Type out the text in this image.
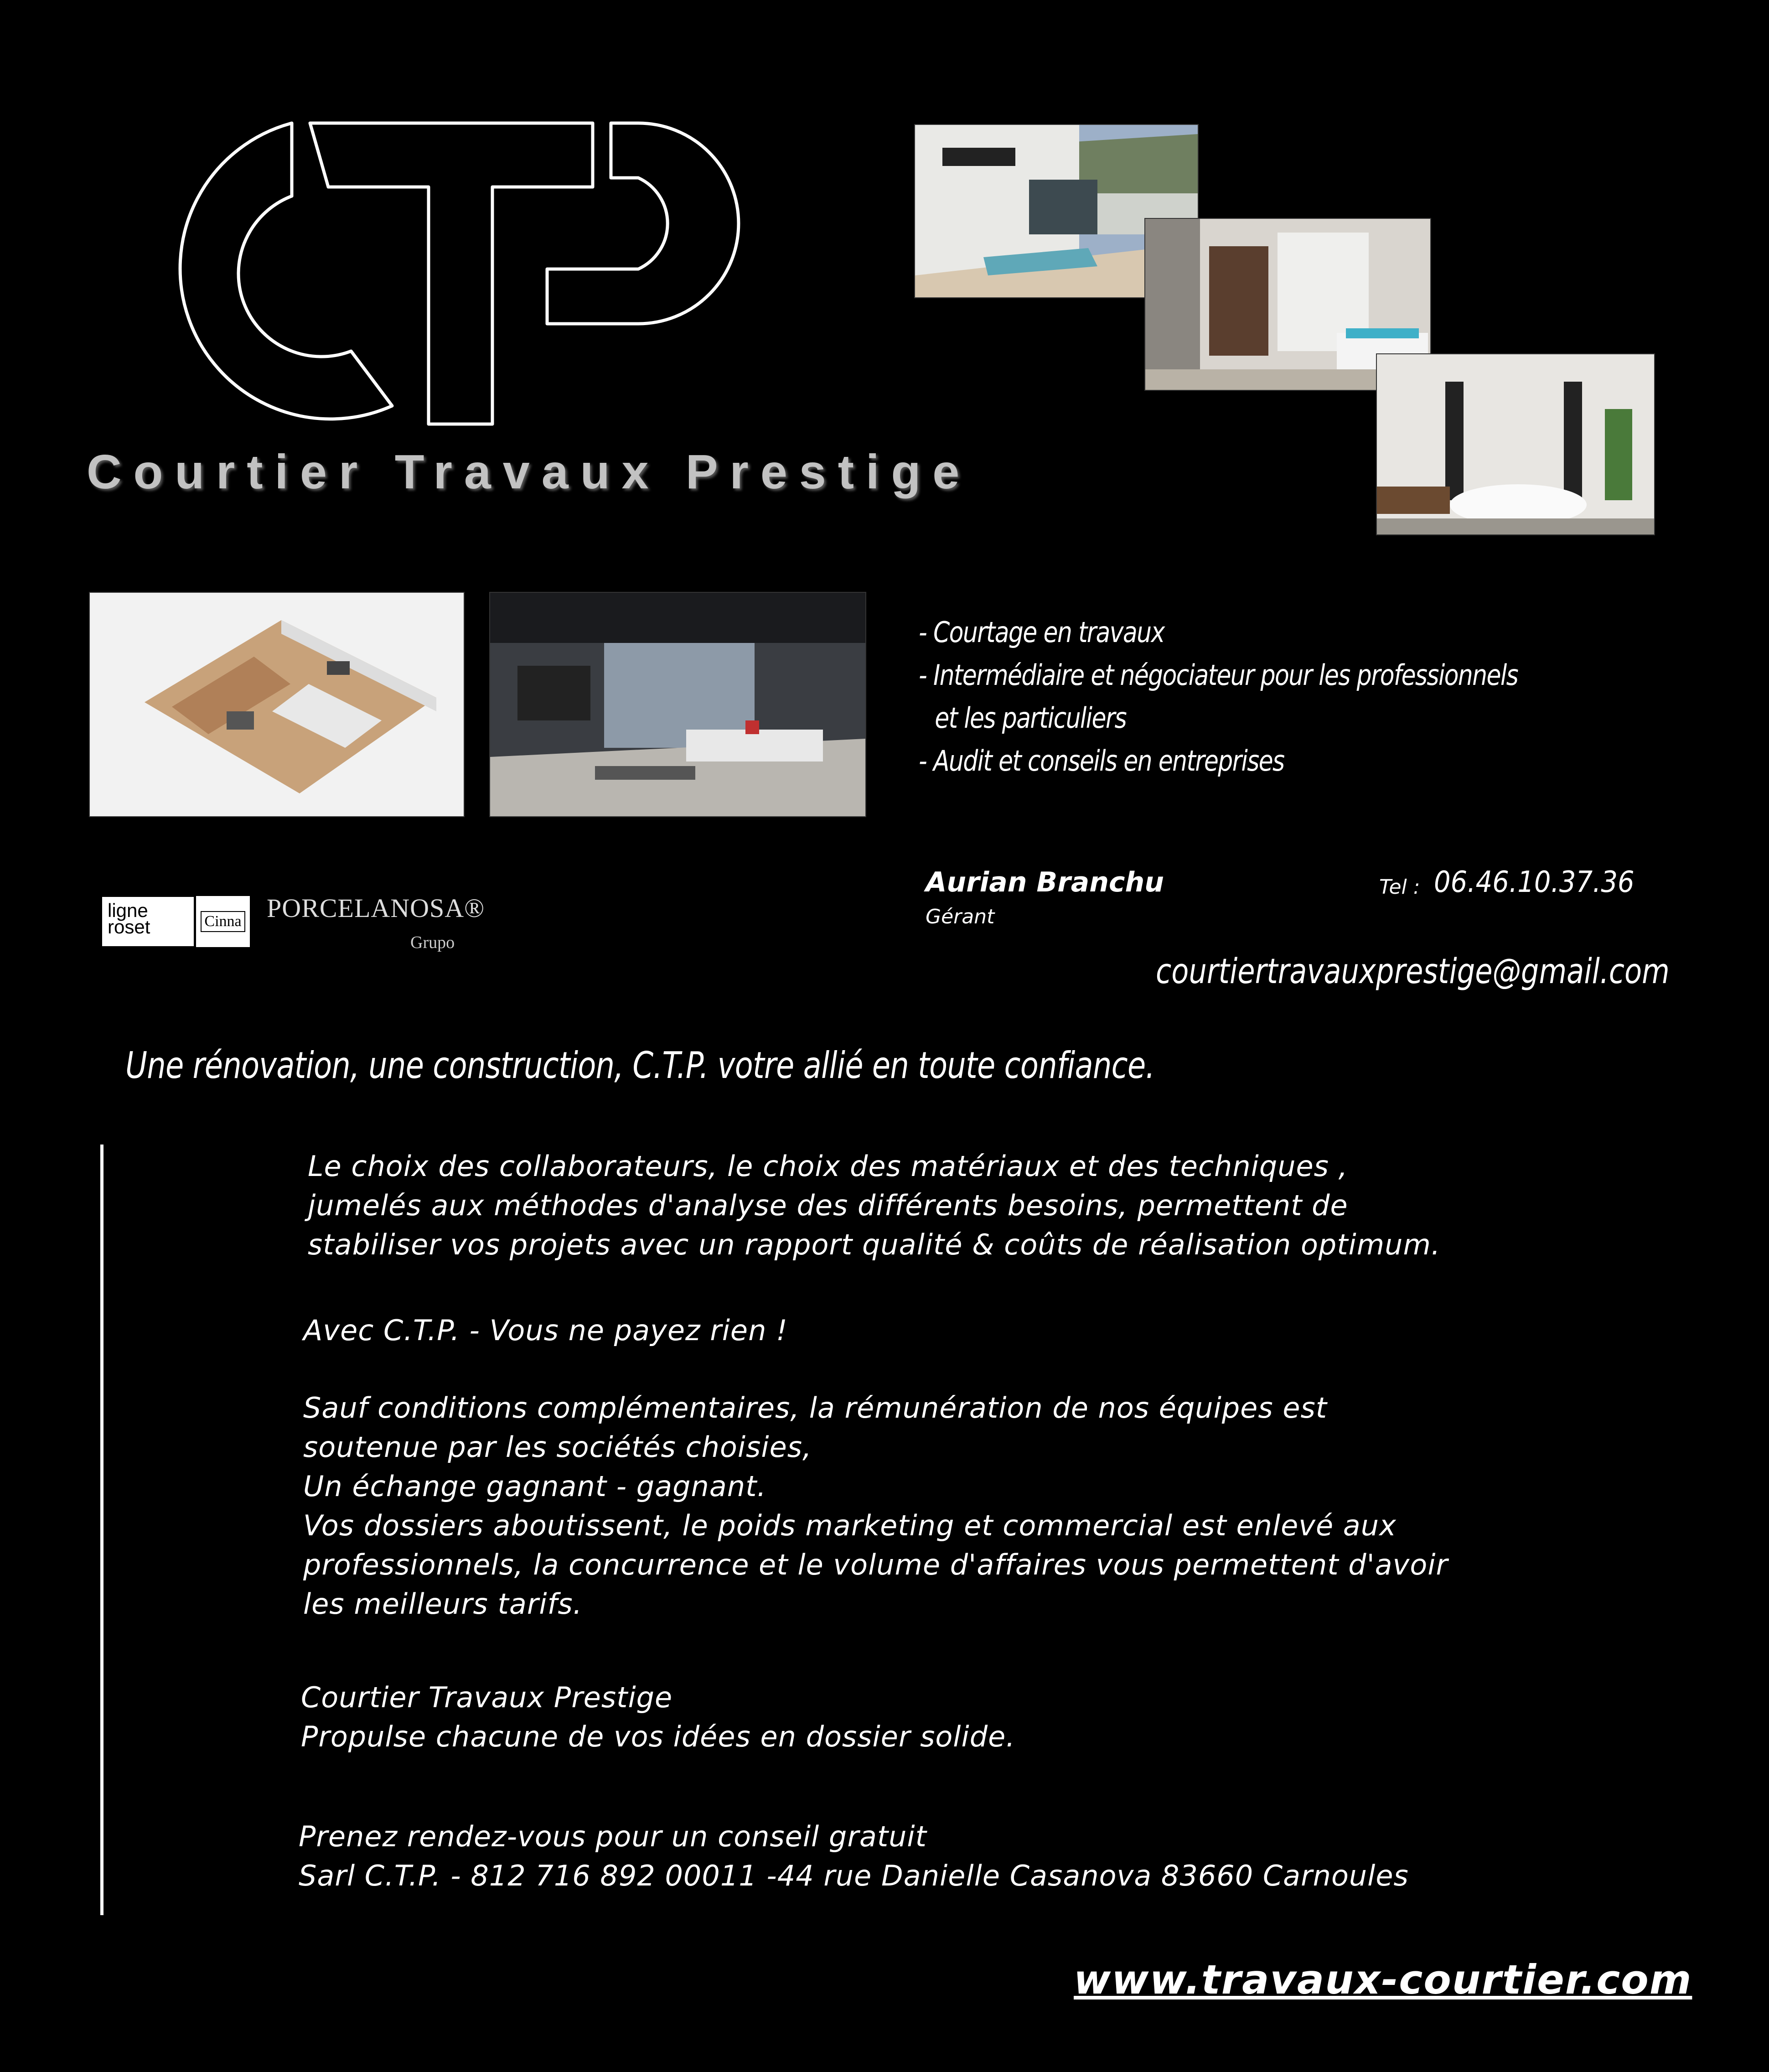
CTP
Courtier Travaux Prestige
- Courtage en travaux
- Intermédiaire et négociateur pour les professionnels
et les particuliers
- Audit et conseils en entreprises
ligne
roset	Cinna PORCELANOSA®
Grupo
Aurian Branchu
Gérant
Tel : 06.46.10.37.36
courtiertravauxprestige@gmail.com
Une rénovation, une construction, C.T.P. votre allié en toute confiance.
Le choix des collaborateurs, le choix des matériaux et des techniques ,
jumelés aux méthodes d'analyse des différents besoins, permettent de
stabiliser vos projets avec un rapport qualité & coûts de réalisation optimum.
Avec C.T.P. - Vous ne payez rien !
Sauf conditions complémentaires, la rémunération de nos équipes est
soutenue par les sociétés choisies,
Un échange gagnant - gagnant.
Vos dossiers aboutissent, le poids marketing et commercial est enlevé aux
professionnels, la concurrence et le volume d'affaires vous permettent d'avoir
les meilleurs tarifs.
Courtier Travaux Prestige
Propulse chacune de vos idées en dossier solide.
Prenez rendez-vous pour un conseil gratuit
Sarl C.T.P. - 812 716 892 00011 -44 rue Danielle Casanova 83660 Carnoules
www.travaux-courtier.com
